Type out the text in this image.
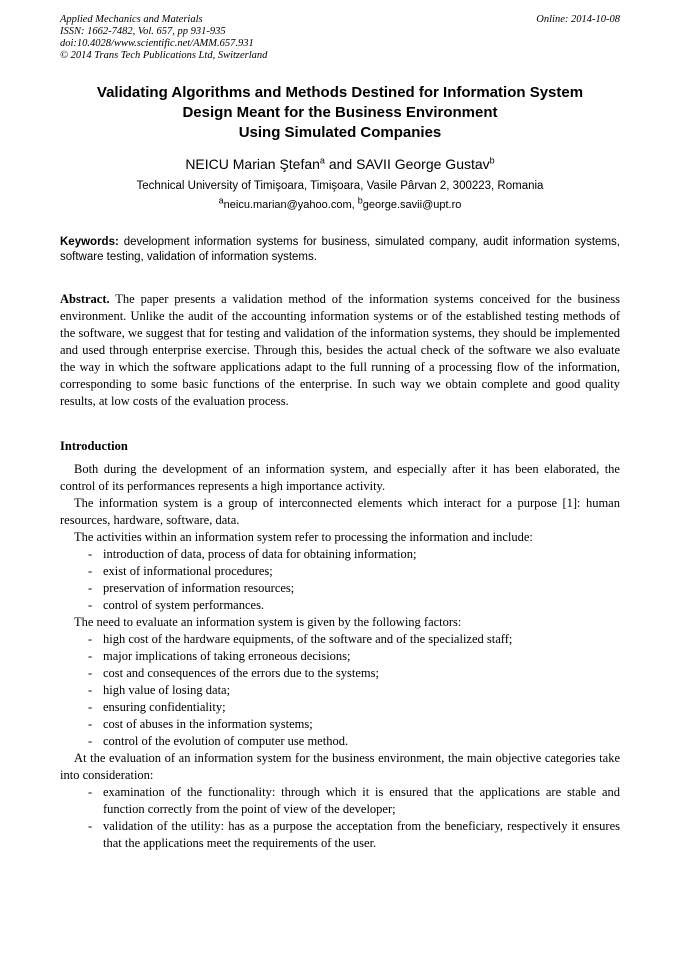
Applied Mechanics and Materials
ISSN: 1662-7482, Vol. 657, pp 931-935
doi:10.4028/www.scientific.net/AMM.657.931
© 2014 Trans Tech Publications Ltd, Switzerland
Online: 2014-10-08
Validating Algorithms and Methods Destined for Information System
Design Meant for the Business Environment
Using Simulated Companies
NEICU Marian Ştefan$^a$ and SAVII George Gustav$^b$
Technical University of Timişoara, Timişoara, Vasile Pârvan 2, 300223, Romania
$^a$neicu.marian@yahoo.com, $^b$george.savii@upt.ro
Keywords: development information systems for business, simulated company, audit information systems, software testing, validation of information systems.
Abstract. The paper presents a validation method of the information systems conceived for the business environment. Unlike the audit of the accounting information systems or of the established testing methods of the software, we suggest that for testing and validation of the information systems, they should be implemented and used through enterprise exercise. Through this, besides the actual check of the software we also evaluate the way in which the software applications adapt to the full running of a processing flow of the information, corresponding to some basic functions of the enterprise. In such way we obtain complete and good quality results, at low costs of the evaluation process.
Introduction

Both during the development of an information system, and especially after it has been elaborated, the control of its performances represents a high importance activity.

The information system is a group of interconnected elements which interact for a purpose [1]: human resources, hardware, software, data.

The activities within an information system refer to processing the information and include:

- introduction of data, process of data for obtaining information;
- exist of informational procedures;
- preservation of information resources;
- control of system performances.

The need to evaluate an information system is given by the following factors:

- high cost of the hardware equipments, of the software and of the specialized staff;
- major implications of taking erroneous decisions;
- cost and consequences of the errors due to the systems;
- high value of losing data;
- ensuring confidentiality;
- cost of abuses in the information systems;
- control of the evolution of computer use method.

At the evaluation of an information system for the business environment, the main objective categories take into consideration:

- examination of the functionality: through which it is ensured that the applications are stable and function correctly from the point of view of the developer;
- validation of the utility: has as a purpose the acceptation from the beneficiary, respectively it ensures that the applications meet the requirements of the user.
